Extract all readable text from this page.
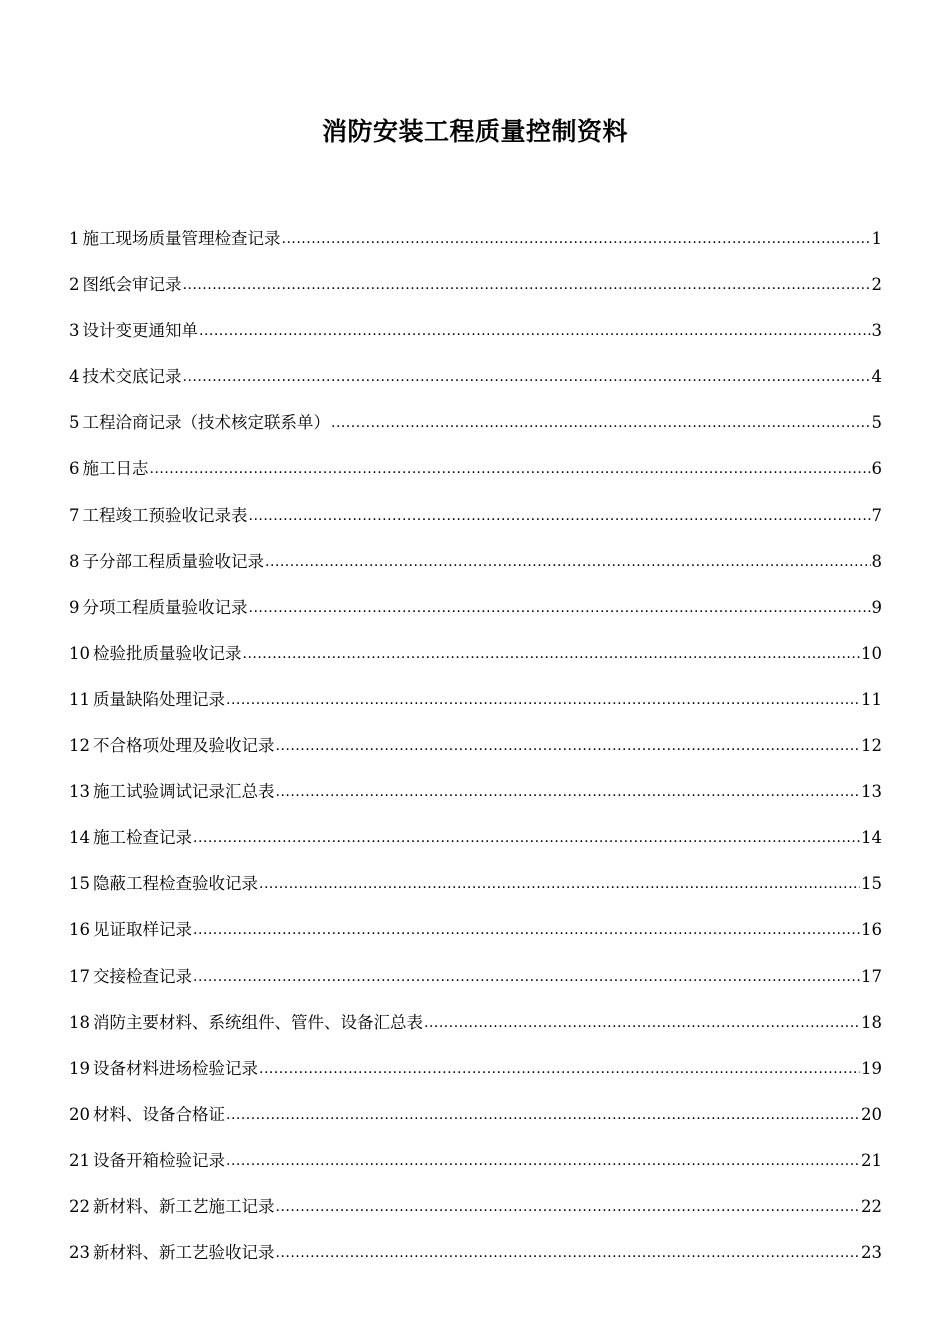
消防安装工程质量控制资料
1 施工现场质量管理检查记录 .....	1
2 图纸会审记录 .....	2
3 设计变更通知单 .....	3
4 技术交底记录 .....	4
5 工程洽商记录（技术核定联系单） .....	5
6 施工日志 .....	6
7 工程竣工预验收记录表 .....	7
8 子分部工程质量验收记录 .....	8
9 分项工程质量验收记录 .....	9
10 检验批质量验收记录 .....	10
11 质量缺陷处理记录 .....	11
12 不合格项处理及验收记录 .....	12
13 施工试验调试记录汇总表 .....	13
14 施工检查记录 .....	14
15 隐蔽工程检查验收记录 .....	15
16 见证取样记录 .....	16
17 交接检查记录 .....	17
18 消防主要材料、系统组件、管件、设备汇总表 .....	18
19 设备材料进场检验记录 .....	19
20 材料、设备合格证 .....	20
21 设备开箱检验记录 .....	21
22 新材料、新工艺施工记录 .....	22
23 新材料、新工艺验收记录 .....	23
